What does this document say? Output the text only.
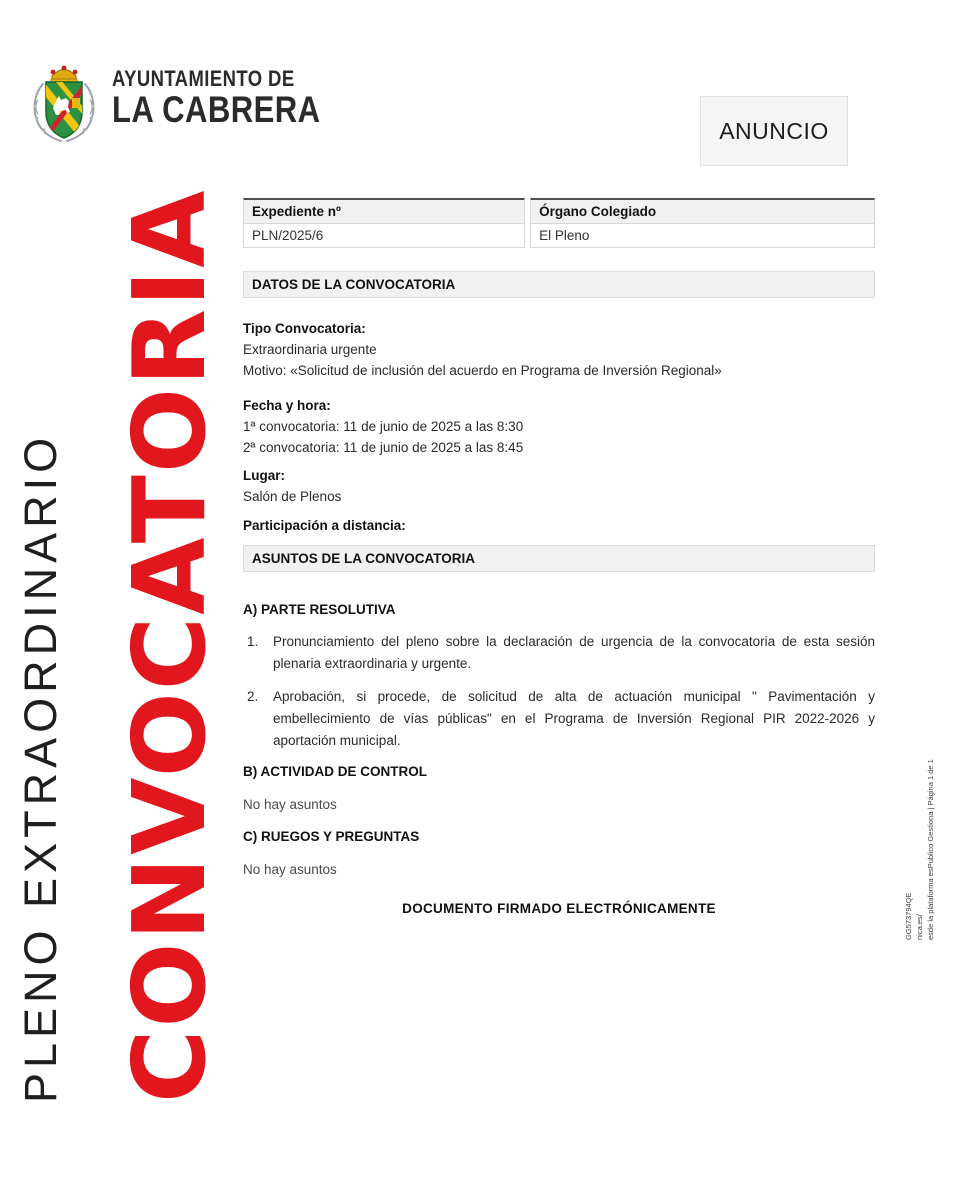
AYUNTAMIENTO DE
LA CABRERA
ANUNCIO
CONVOCATORIA
PLENO EXTRAORDINARIO	GG573794QE nica.es/ esde la plataforma esPublico Gestiona | Página 1 de 1
Expediente nº	Órgano Colegiado
PLN/2025/6	El Pleno
DATOS DE LA CONVOCATORIA
Tipo Convocatoria:
Extraordinaria urgente
Motivo: «Solicitud de inclusión del acuerdo en Programa de Inversión Regional»
Fecha y hora:
1ª convocatoria: 11 de junio de 2025 a las 8:30
2ª convocatoria: 11 de junio de 2025 a las 8:45
Lugar:
Salón de Plenos
Participación a distancia:
ASUNTOS DE LA CONVOCATORIA
A) PARTE RESOLUTIVA
1.	Pronunciamiento del pleno sobre la declaración de urgencia de la convocatoria de esta sesión plenaria extraordinaria y urgente.
2.	Aprobación, si procede, de solicitud de alta de actuación municipal " Pavimentación y embellecimiento de vías públicas" en el Programa de Inversión Regional PIR 2022-2026 y aportación municipal.
B) ACTIVIDAD DE CONTROL
No hay asuntos
C) RUEGOS Y PREGUNTAS
No hay asuntos
DOCUMENTO FIRMADO ELECTRÓNICAMENTE
